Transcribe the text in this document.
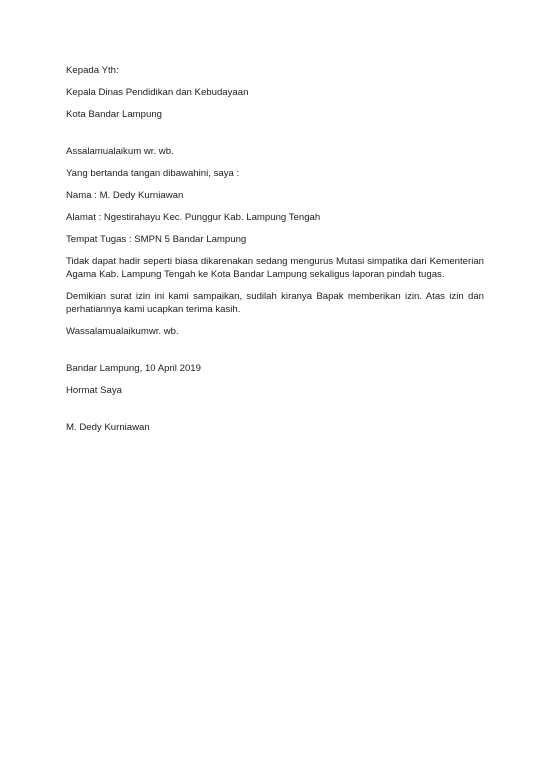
Kepada Yth:

Kepala Dinas Pendidikan dan Kebudayaan

Kota Bandar Lampung

Assalamualaikum wr. wb.

Yang bertanda tangan dibawahini, saya :

Nama : M. Dedy Kurniawan

Alamat : Ngestirahayu Kec. Punggur Kab. Lampung Tengah

Tempat Tugas : SMPN 5 Bandar Lampung

Tidak dapat hadir seperti biasa dikarenakan sedang mengurus Mutasi simpatika dari Kementerian Agama Kab. Lampung Tengah ke Kota Bandar Lampung sekaligus laporan pindah tugas.

Demikian surat izin ini kami sampaikan, sudilah kiranya Bapak memberikan izin. Atas izin dan perhatiannya kami ucapkan terima kasih.

Wassalamualaikumwr. wb.

Bandar Lampung, 10 April 2019

Hormat Saya

M. Dedy Kurniawan
